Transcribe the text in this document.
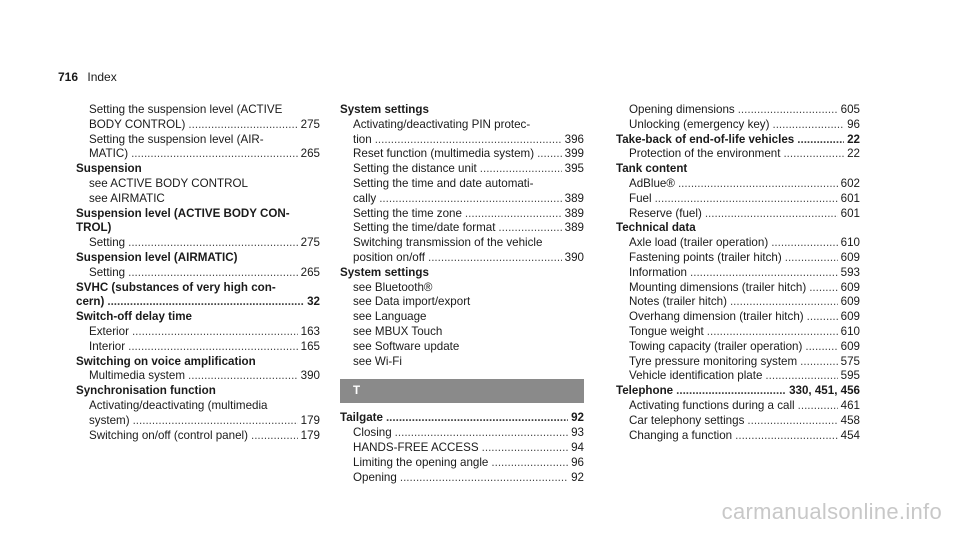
716 Index
Setting the suspension level (ACTIVE
BODY CONTROL) .....	275
Setting the suspension level (AIR-
MATIC) .....	265
Suspension
see ACTIVE BODY CONTROL
see AIRMATIC
Suspension level (ACTIVE BODY CON-
TROL)
Setting .....	275
Suspension level (AIRMATIC)
Setting .....	265
SVHC (substances of very high con-
cern) .....	32
Switch-off delay time
Exterior .....	163
Interior .....	165
Switching on voice amplification
Multimedia system .....	390
Synchronisation function
Activating/deactivating (multimedia
system) .....	179
Switching on/off (control panel) .....	179
System settings
Activating/deactivating PIN protec-
tion .....	396
Reset function (multimedia system) .....	399
Setting the distance unit .....	395
Setting the time and date automati-
cally .....	389
Setting the time zone .....	389
Setting the time/date format .....	389
Switching transmission of the vehicle
position on/off .....	390
System settings
see Bluetooth®
see Data import/export
see Language
see MBUX Touch
see Software update
see Wi-Fi
T
Tailgate .....	92
Closing .....	93
HANDS-FREE ACCESS .....	94
Limiting the opening angle .....	96
Opening .....	92
Opening dimensions .....	605
Unlocking (emergency key) .....	96
Take-back of end-of-life vehicles .....	22
Protection of the environment .....	22
Tank content
AdBlue® .....	602
Fuel .....	601
Reserve (fuel) .....	601
Technical data
Axle load (trailer operation) .....	610
Fastening points (trailer hitch) .....	609
Information .....	593
Mounting dimensions (trailer hitch) .....	609
Notes (trailer hitch) .....	609
Overhang dimension (trailer hitch) .....	609
Tongue weight .....	610
Towing capacity (trailer operation) .....	609
Tyre pressure monitoring system .....	575
Vehicle identification plate .....	595
Telephone .....	330, 451, 456
Activating functions during a call .....	461
Car telephony settings .....	458
Changing a function .....	454
carmanualsonline.info
